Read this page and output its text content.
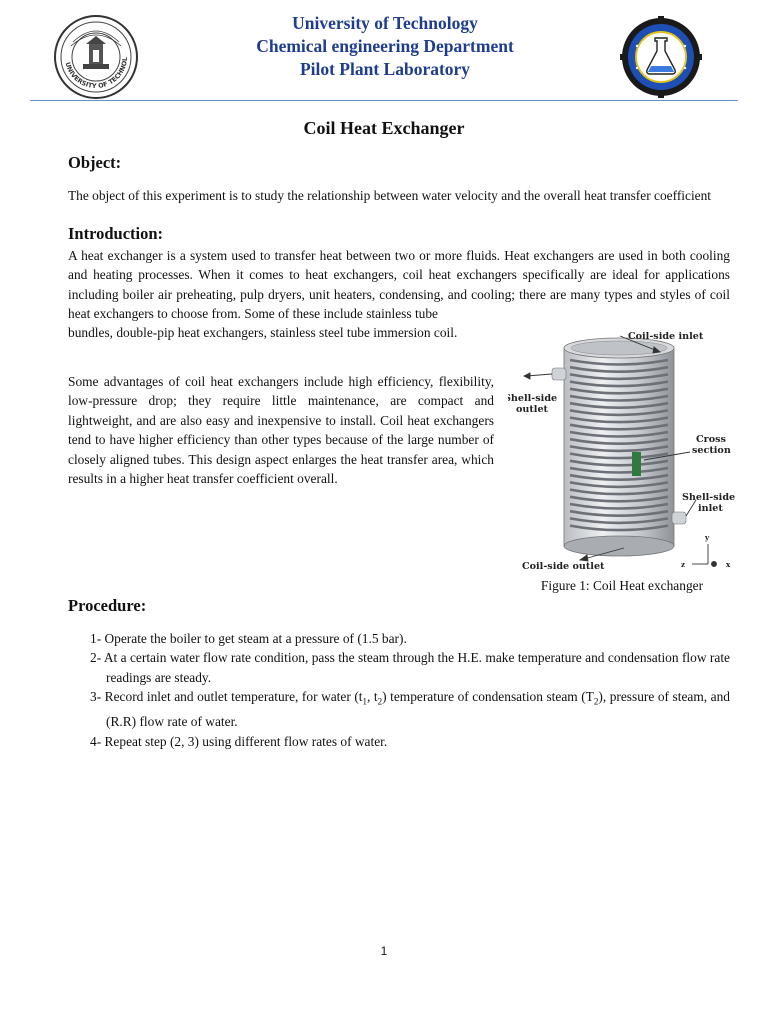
UNIVERSITY OF TECHNOL
University of Technology
Chemical engineering Department
Pilot Plant Laboratory
Coil Heat Exchanger
Object:
The object of this experiment is to study the relationship between water velocity and the overall heat transfer coefficient
Introduction:
A heat exchanger is a system used to transfer heat between two or more fluids. Heat exchangers are used in both cooling and heating processes. When it comes to heat exchangers, coil heat exchangers specifically are ideal for applications including boiler air preheating, pulp dryers, unit heaters, condensing, and cooling; there are many types and styles of coil heat exchangers to choose from. Some of these include stainless tube
bundles, double-pip heat exchangers, stainless steel tube immersion coil.
Some advantages of coil heat exchangers include high efficiency, flexibility, low-pressure drop; they require little maintenance, are compact and lightweight, and are also easy and inexpensive to install. Coil heat exchangers tend to have higher efficiency than other types because of the large number of closely aligned tubes. This design aspect enlarges the heat transfer area, which results in a higher heat transfer coefficient overall.
Coil-side inlet
Shell-side
outlet
Cross
section
Shell-side
inlet
Coil-side outlet
y
z	x
Figure 1: Coil Heat exchanger
Procedure:
1- Operate the boiler to get steam at a pressure of (1.5 bar).
2- At a certain water flow rate condition, pass the steam through the H.E. make temperature and condensation flow rate readings are steady.
3- Record inlet and outlet temperature, for water ($t_1$, $t_2$) temperature of condensation steam $(T_2)$, pressure of steam, and (R.R) flow rate of water.
4- Repeat step (2, 3) using different flow rates of water.
1
